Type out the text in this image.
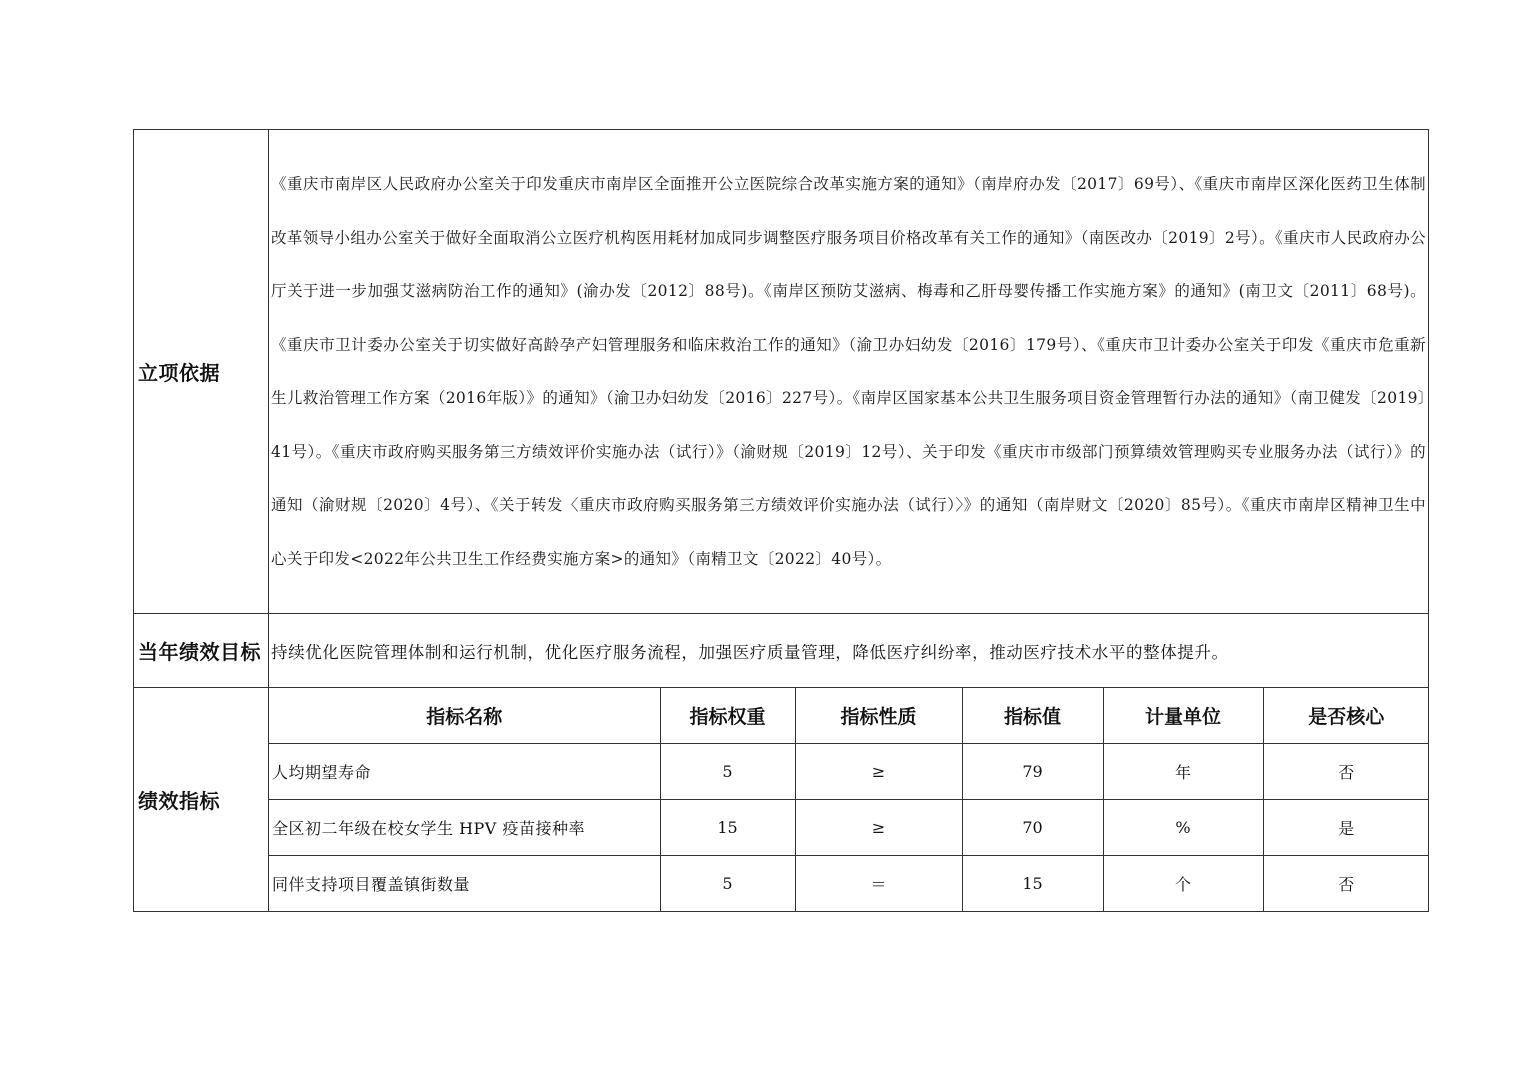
立项依据	《重庆市南岸区人民政府办公室关于印发重庆市南岸区全面推开公立医院综合改革实施方案的通知》（南岸府办发〔2017〕69号）、《重庆市南岸区深化医药卫生体制改革领导小组办公室关于做好全面取消公立医疗机构医用耗材加成同步调整医疗服务项目价格改革有关工作的通知》（南医改办〔2019〕2号）。《重庆市人民政府办公厅关于进一步加强艾滋病防治工作的通知》(渝办发〔2012〕88号)。《南岸区预防艾滋病、梅毒和乙肝母婴传播工作实施方案》的通知》(南卫文〔2011〕68号)。《重庆市卫计委办公室关于切实做好高龄孕产妇管理服务和临床救治工作的通知》（渝卫办妇幼发〔2016〕179号）、《重庆市卫计委办公室关于印发《重庆市危重新生儿救治管理工作方案（2016年版）》的通知》（渝卫办妇幼发〔2016〕227号）。《南岸区国家基本公共卫生服务项目资金管理暂行办法的通知》（南卫健发〔2019〕41号）。《重庆市政府购买服务第三方绩效评价实施办法（试行）》（渝财规〔2019〕12号）、关于印发《重庆市市级部门预算绩效管理购买专业服务办法（试行）》的通知（渝财规〔2020〕4号）、《关于转发〈重庆市政府购买服务第三方绩效评价实施办法（试行）〉》的通知（南岸财文〔2020〕85号）。《重庆市南岸区精神卫生中心关于印发<2022年公共卫生工作经费实施方案>的通知》（南精卫文〔2022〕40号）。
当年绩效目标	持续优化医院管理体制和运行机制，优化医疗服务流程，加强医疗质量管理，降低医疗纠纷率，推动医疗技术水平的整体提升。
绩效指标	
指标名称	指标权重	指标性质	指标值	计量单位	是否核心
人均期望寿命	5	≥	79	年	否
全区初二年级在校女学生 HPV 疫苗接种率	15	≥	70	%	是
同伴支持项目覆盖镇街数量	5	＝	15	个	否
